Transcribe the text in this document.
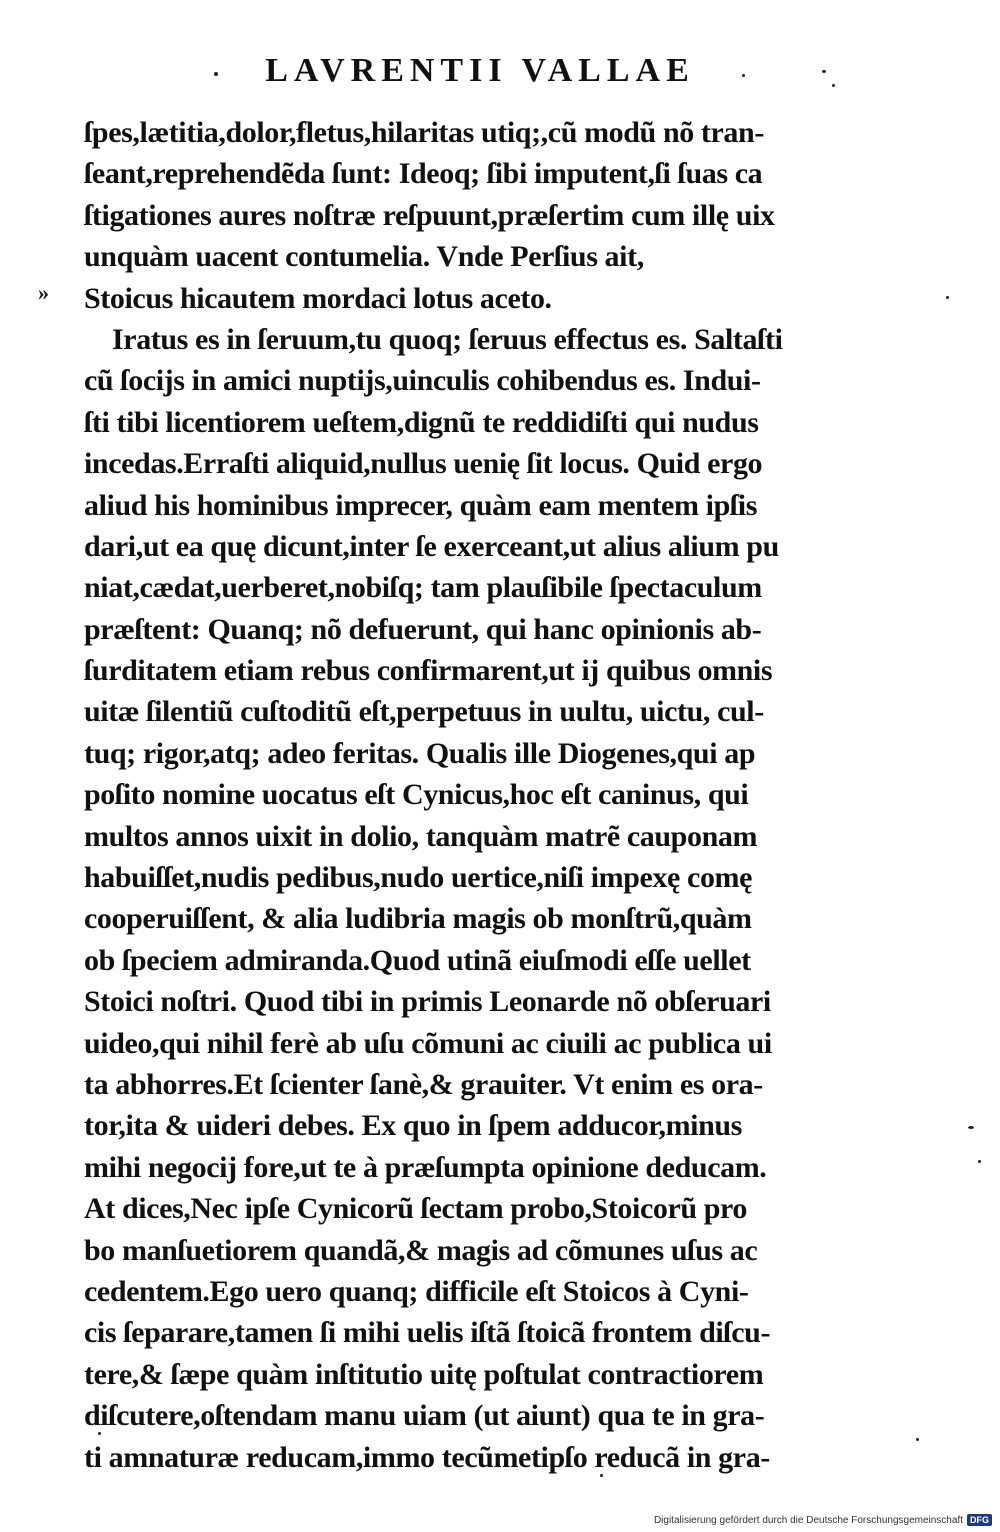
LAVRENTII VALLAE
»
ſpes,lætitia,dolor,fletus,hilaritas utiq;,cũ modũ nõ tran-
ſeant,reprehendẽda ſunt: Ideoq; ſibi imputent,ſi ſuas ca
ſtigationes aures noſtræ reſpuunt,præſertim cum illę uix
unquàm uacent contumelia. Vnde Perſius ait,
Stoicus hicautem mordaci lotus aceto.
Iratus es in ſeruum,tu quoq; ſeruus effectus es. Saltaſti
cũ ſocijs in amici nuptijs,uinculis cohibendus es. Indui-
ſti tibi licentiorem ueſtem,dignũ te reddidiſti qui nudus
incedas.Erraſti aliquid,nullus uenię ſit locus. Quid ergo
aliud his hominibus imprecer, quàm eam mentem ipſis
dari,ut ea quę dicunt,inter ſe exerceant,ut alius alium pu
niat,cædat,uerberet,nobiſq; tam plauſibile ſpectaculum
præſtent: Quanq; nõ defuerunt, qui hanc opinionis ab-
ſurditatem etiam rebus confirmarent,ut ij quibus omnis
uitæ ſilentiũ cuſtoditũ eſt,perpetuus in uultu, uictu, cul-
tuq; rigor,atq; adeo feritas. Qualis ille Diogenes,qui ap
poſito nomine uocatus eſt Cynicus,hoc eſt caninus, qui
multos annos uixit in dolio, tanquàm matrẽ cauponam
habuiſſet,nudis pedibus,nudo uertice,niſi impexę comę
cooperuiſſent, & alia ludibria magis ob monſtrũ,quàm
ob ſpeciem admiranda.Quod utinã eiuſmodi eſſe uellet
Stoici noſtri. Quod tibi in primis Leonarde nõ obſeruari
uideo,qui nihil ferè ab uſu cõmuni ac ciuili ac publica ui
ta abhorres.Et ſcienter ſanè,& grauiter. Vt enim es ora-
tor,ita & uideri debes. Ex quo in ſpem adducor,minus
mihi negocij fore,ut te à præſumpta opinione deducam.
At dices,Nec ipſe Cynicorũ ſectam probo,Stoicorũ pro
bo manſuetiorem quandã,& magis ad cõmunes uſus ac
cedentem.Ego uero quanq; difficile eſt Stoicos à Cyni-
cis ſeparare,tamen ſi mihi uelis iſtã ſtoicã frontem diſcu-
tere,& ſæpe quàm inſtitutio uitę poſtulat contractiorem
diſcutere,oſtendam manu uiam (ut aiunt) qua te in gra-
ti amnaturæ reducam,immo tecũmetipſo reducã in gra-
Digitalisierung gefördert durch die Deutsche Forschungsgemeinschaft DFG
